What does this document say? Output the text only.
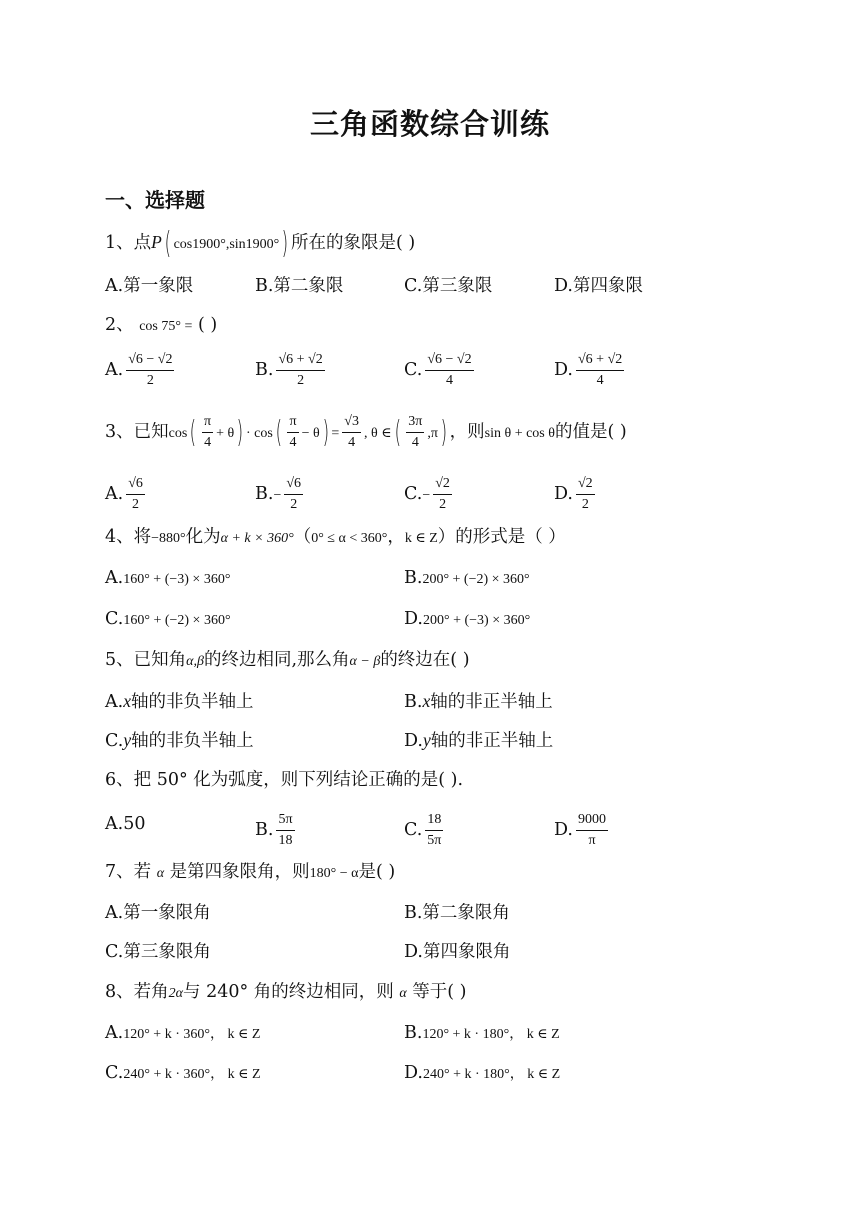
三角函数综合训练
一、选择题
1、点P( cos1900°,sin1900°) 所在的象限是( )
A.第一象限	B.第二象限	C.第三象限	D.第四象限
2、 cos 75° = ( )
A. $\frac{√6 - √2}{2}$	B. $\frac{√6 + √2}{2}$	C. $\frac{√6 - √2}{4}$	D. $\frac{√6 + √2}{4}$
3、已知$\cos( \frac{\pi}{4} + \theta) \cdot \cos( \frac{\pi}{4} - \theta) = \frac{√3}{4}$ , θ ∈( $\frac{3\pi}{4} ,\pi$) ，则sin θ + cos θ的值是( )
A. $\frac{√6}{2}$	$B.- \frac{√6}{2}$	$C.- \frac{√2}{2}$	D. $\frac{√2}{2}$
4、将−880°化为α + k × 360°（0° ≤ α < 360°，k ∈ Z）的形式是（ ）
A.160° + (−3) × 360°	B.200° + (−2) × 360°
C.160° + (−2) × 360°	D.200° + (−3) × 360°
5、已知角α,β的终边相同,那么角α − β的终边在( )
A.x轴的非负半轴上	B.x轴的非正半轴上
C.y轴的非负半轴上	D.y轴的非正半轴上
6、把 50° 化为弧度，则下列结论正确的是( ).
A.50	B. $\frac{5\pi}{18}$	C. $\frac{18}{5\pi}$	D. $\frac{9000}{\pi}$
7、若 α 是第四象限角，则180° − α是( )
A.第一象限角	B.第二象限角
C.第三象限角	D.第四象限角
8、若角2α与 240° 角的终边相同，则 α 等于( )
A.120° + k · 360°， k ∈ Z	B.120° + k · 180°， k ∈ Z
C.240° + k · 360°， k ∈ Z	D.240° + k · 180°， k ∈ Z
